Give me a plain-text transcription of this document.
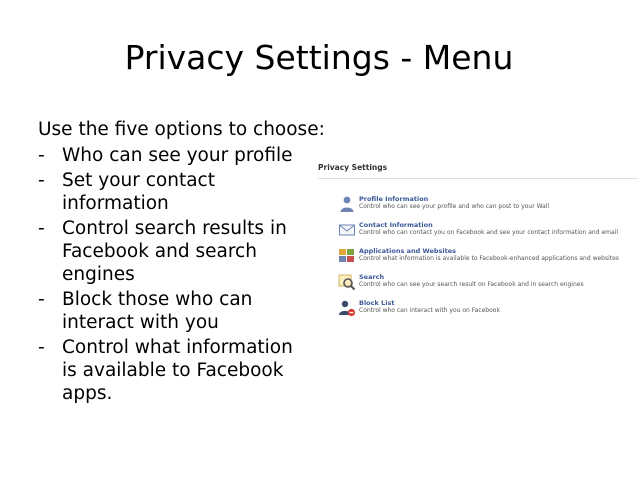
Privacy Settings - Menu
Use the five options to choose:
- Who can see your profile
- Set your contact information
- Control search results in Facebook and search engines
- Block those who can interact with you
- Control what information is available to Facebook apps.
Privacy Settings
Profile Information
Control who can see your profile and who can post to your Wall
Contact Information
Control who can contact you on Facebook and see your contact information and email
Applications and Websites
Control what information is available to Facebook-enhanced applications and websites
Search
Control who can see your search result on Facebook and in search engines
Block List
Control who can interact with you on Facebook
